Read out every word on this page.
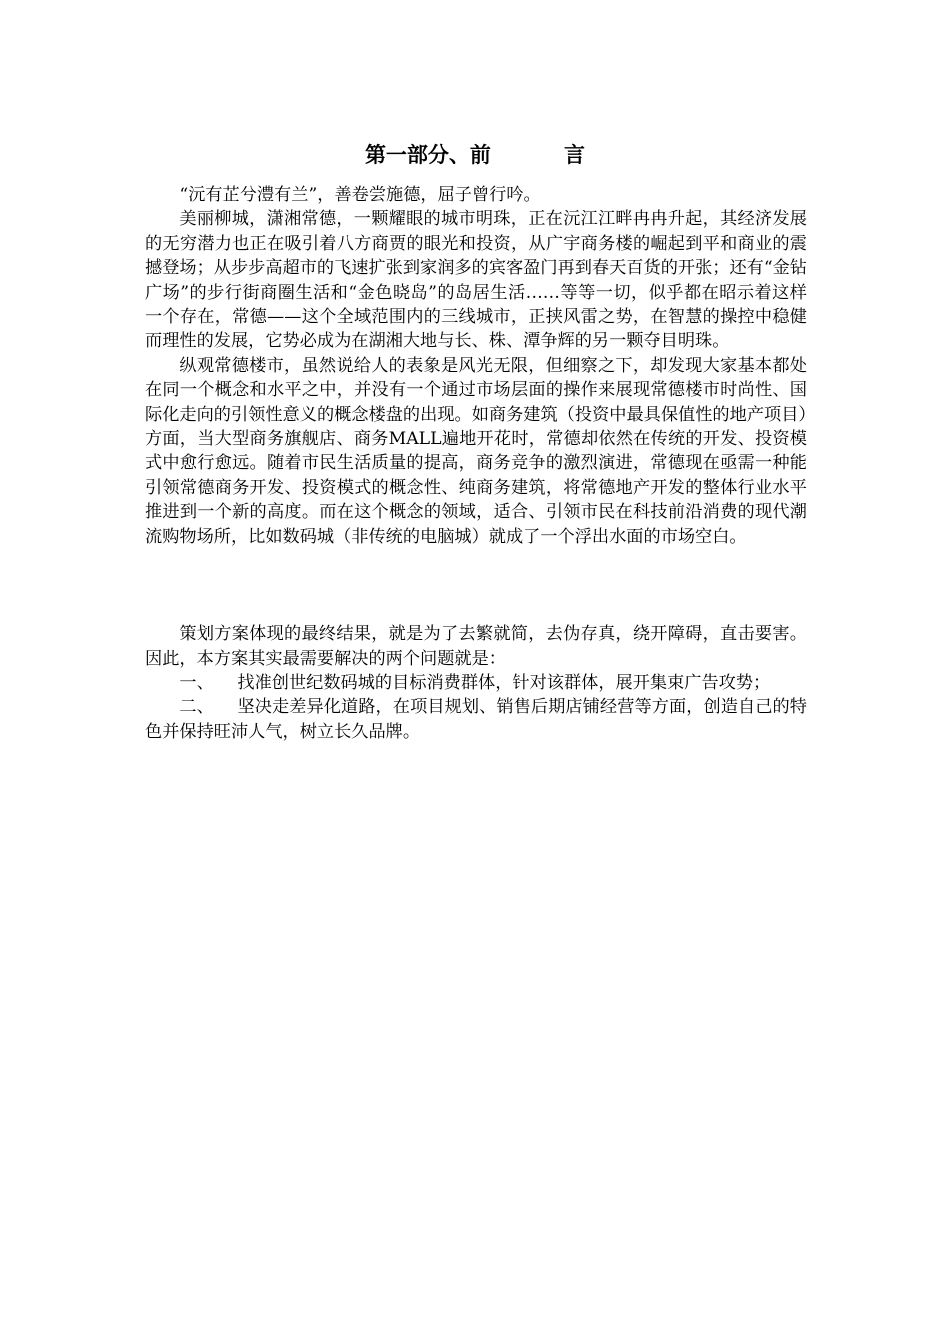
第一部分、前          言

“沅有芷兮澧有兰”，善卷尝施德，屈子曾行吟。

美丽柳城，潇湘常德，一颗耀眼的城市明珠，正在沅江江畔冉冉升起，其经济发展的无穷潜力也正在吸引着八方商贾的眼光和投资，从广宇商务楼的崛起到平和商业的震撼登场；从步步高超市的飞速扩张到家润多的宾客盈门再到春天百货的开张；还有“金钻广场”的步行街商圈生活和“金色晓岛”的岛居生活……等等一切，似乎都在昭示着这样一个存在，常德——这个全域范围内的三线城市，正挟风雷之势，在智慧的操控中稳健而理性的发展，它势必成为在湖湘大地与长、株、潭争辉的另一颗夺目明珠。

纵观常德楼市，虽然说给人的表象是风光无限，但细察之下，却发现大家基本都处在同一个概念和水平之中，并没有一个通过市场层面的操作来展现常德楼市时尚性、国际化走向的引领性意义的概念楼盘的出现。如商务建筑（投资中最具保值性的地产项目）方面，当大型商务旗舰店、商务MALL遍地开花时，常德却依然在传统的开发、投资模式中愈行愈远。随着市民生活质量的提高，商务竞争的激烈演进，常德现在亟需一种能引领常德商务开发、投资模式的概念性、纯商务建筑，将常德地产开发的整体行业水平推进到一个新的高度。而在这个概念的领域，适合、引领市民在科技前沿消费的现代潮流购物场所，比如数码城（非传统的电脑城）就成了一个浮出水面的市场空白。

策划方案体现的最终结果，就是为了去繁就简，去伪存真，绕开障碍，直击要害。因此，本方案其实最需要解决的两个问题就是：

一、 找准创世纪数码城的目标消费群体，针对该群体，展开集束广告攻势；

二、 坚决走差异化道路，在项目规划、销售后期店铺经营等方面，创造自己的特色并保持旺沛人气，树立长久品牌。
